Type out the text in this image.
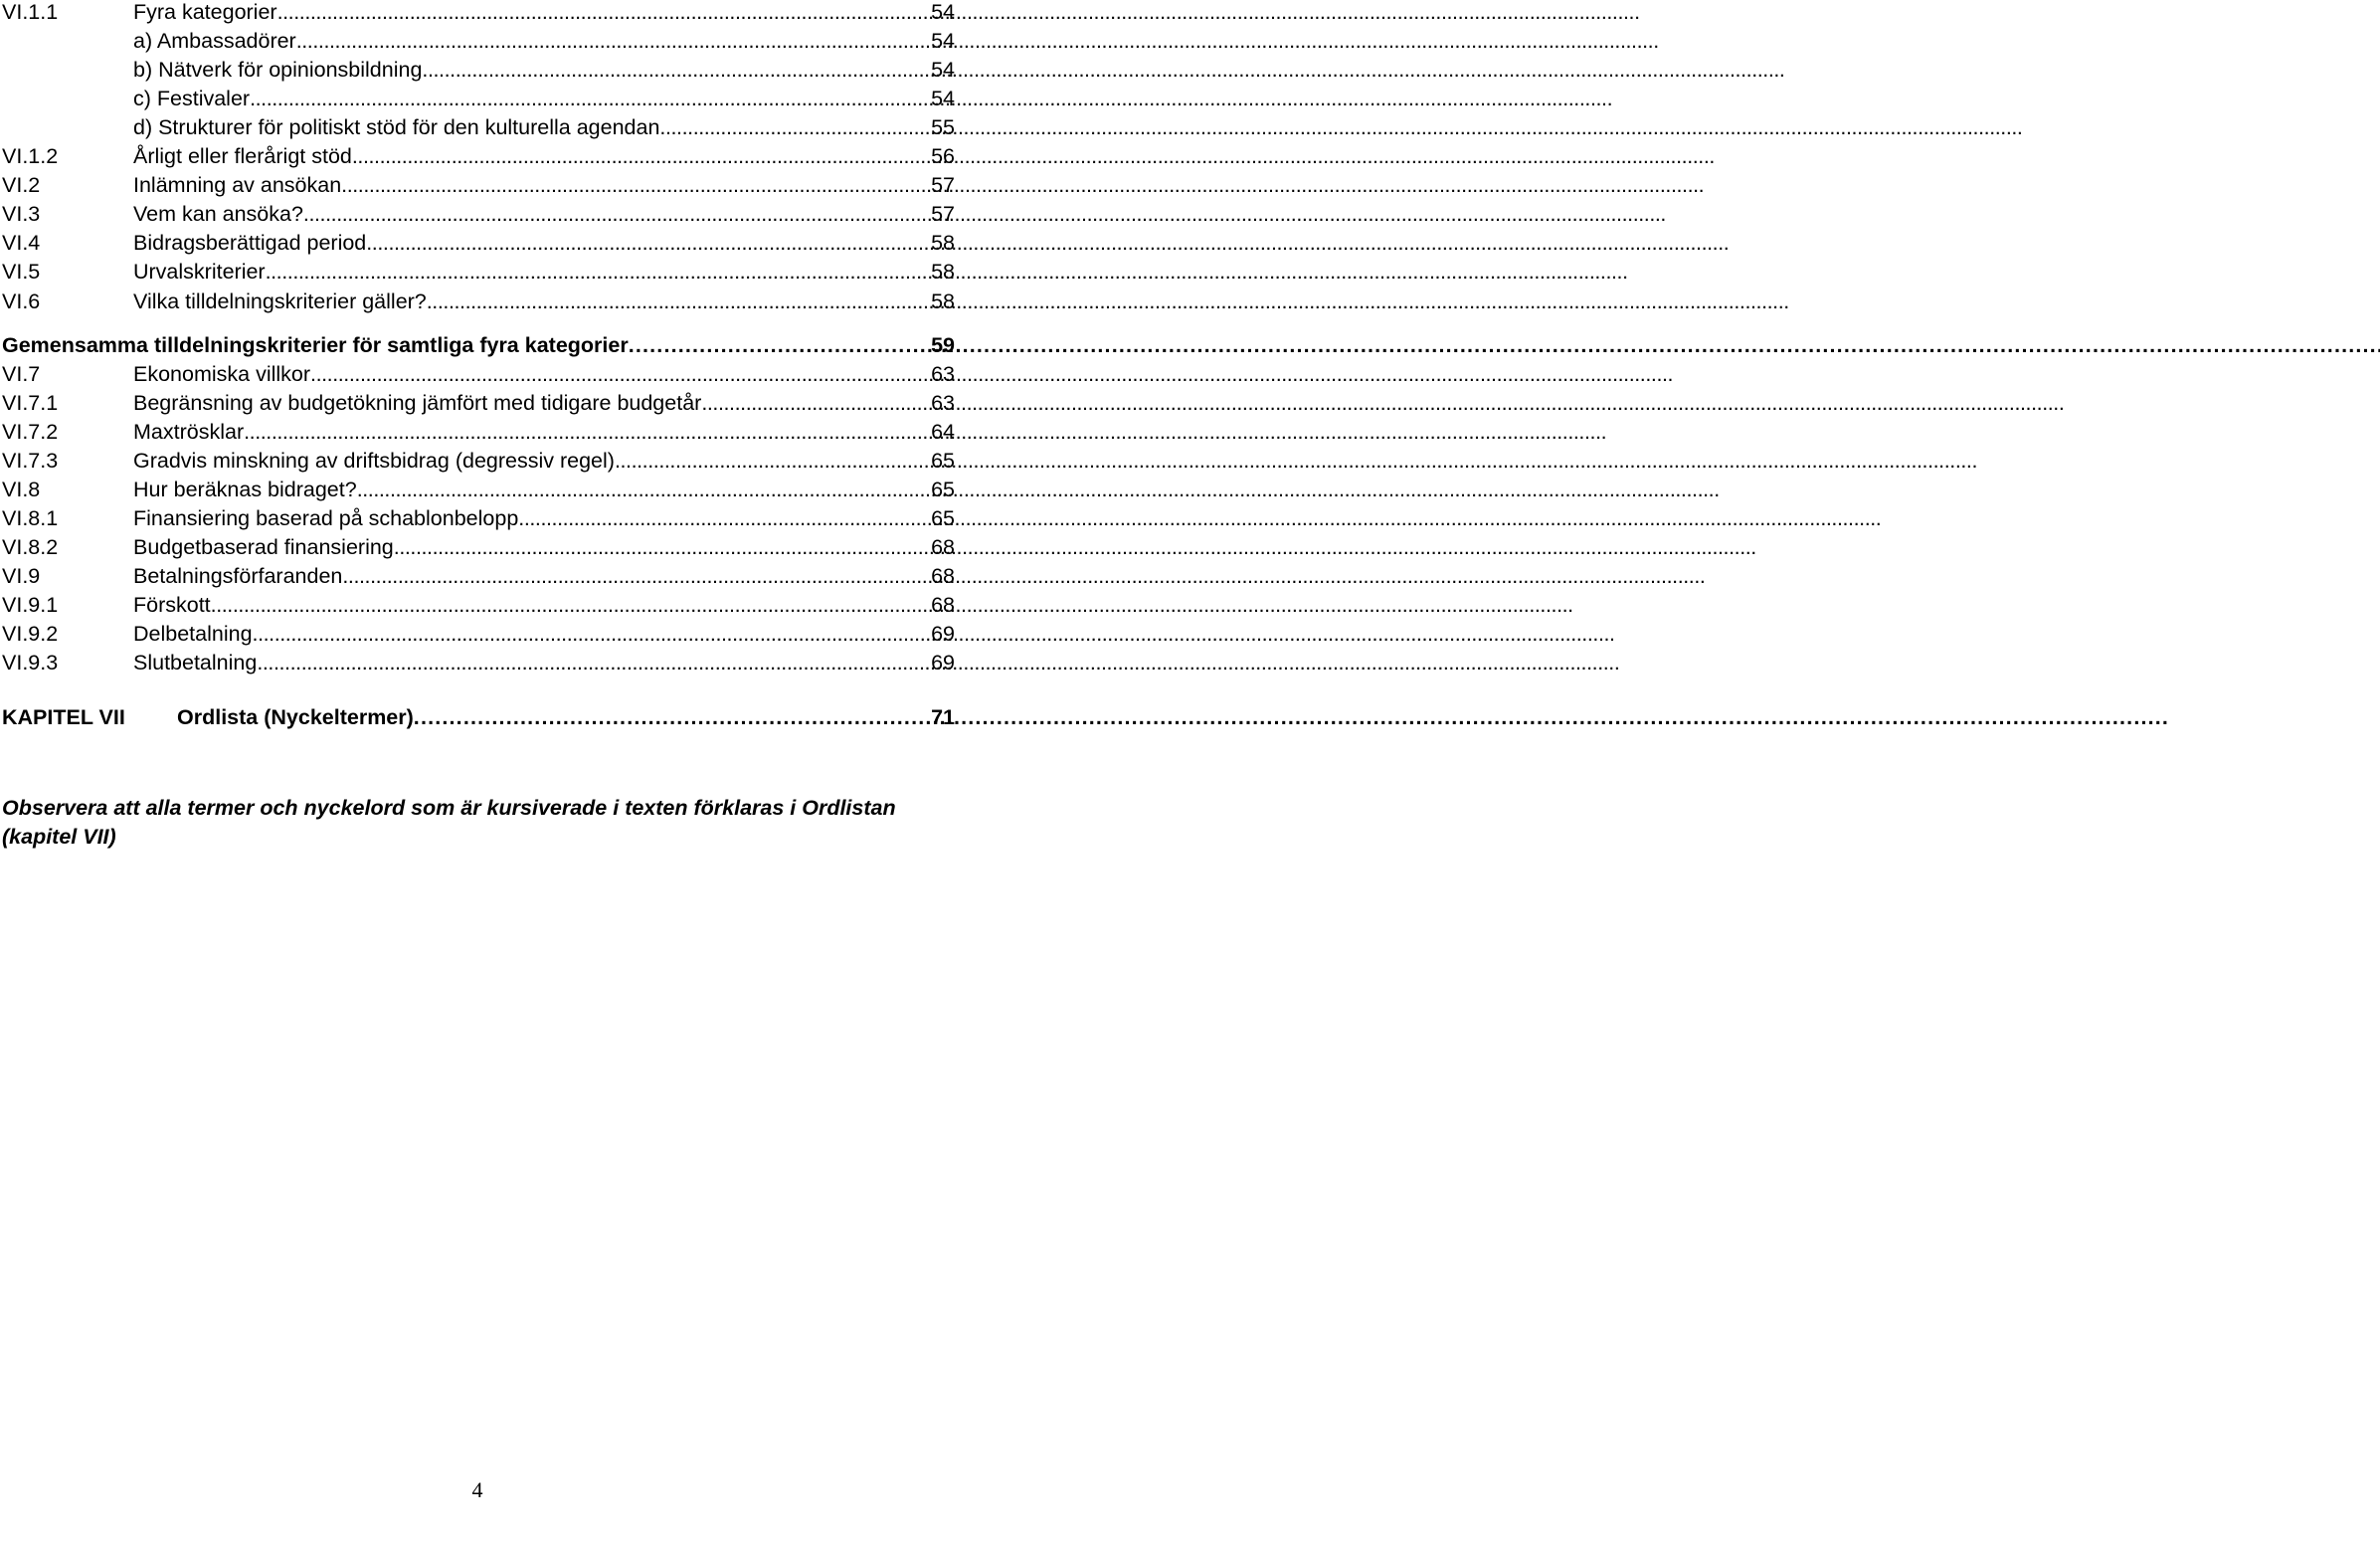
VI.1.1	Fyra kategorier . . .	54
a) Ambassadörer . . .	54
b) Nätverk för opinionsbildning . . .	54
c) Festivaler . . .	54
d) Strukturer för politiskt stöd för den kulturella agendan . . .	55
VI.1.2	Årligt eller flerårigt stöd . . .	56
VI.2	Inlämning av ansökan . . .	57
VI.3	Vem kan ansöka? . . .	57
VI.4	Bidragsberättigad period . . .	58
VI.5	Urvalskriterier . . .	58
VI.6	Vilka tilldelningskriterier gäller? . . .	58
Gemensamma tilldelningskriterier för samtliga fyra kategorier . . .	59
VI.7	Ekonomiska villkor . . .	63
VI.7.1	Begränsning av budgetökning jämfört med tidigare budgetår . . .	63
VI.7.2	Maxtrösklar . . .	64
VI.7.3	Gradvis minskning av driftsbidrag (degressiv regel) . . .	65
VI.8	Hur beräknas bidraget? . . .	65
VI.8.1	Finansiering baserad på schablonbelopp . . .	65
VI.8.2	Budgetbaserad finansiering . . .	68
VI.9	Betalningsförfaranden . . .	68
VI.9.1	Förskott . . .	68
VI.9.2	Delbetalning . . .	69
VI.9.3	Slutbetalning . . .	69
KAPITEL VII	Ordlista (Nyckeltermer) . . .	71
Observera att alla termer och nyckelord som är kursiverade i texten förklaras i Ordlistan (kapitel VII)
4
